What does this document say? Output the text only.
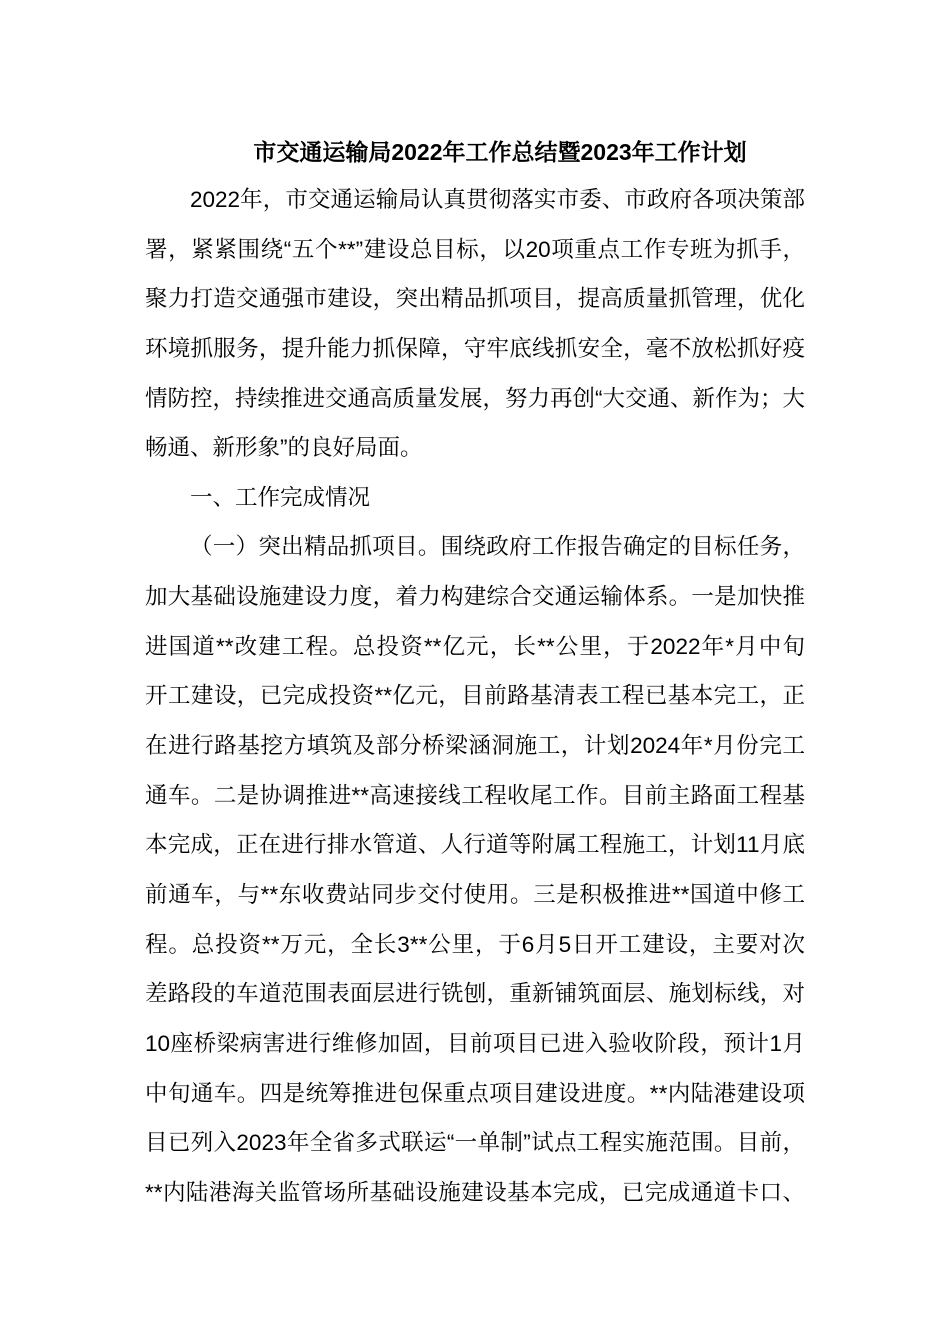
市交通运输局2022年工作总结暨2023年工作计划
2022年，市交通运输局认真贯彻落实市委、市政府各项决策部
署，紧紧围绕“五个**”建设总目标，以20项重点工作专班为抓手，
聚力打造交通强市建设，突出精品抓项目，提高质量抓管理，优化
环境抓服务，提升能力抓保障，守牢底线抓安全，毫不放松抓好疫
情防控，持续推进交通高质量发展，努力再创“大交通、新作为；大
畅通、新形象”的良好局面。
一、工作完成情况
（一）突出精品抓项目。围绕政府工作报告确定的目标任务，
加大基础设施建设力度，着力构建综合交通运输体系。一是加快推
进国道**改建工程。总投资**亿元，长**公里，于2022年*月中旬
开工建设，已完成投资**亿元，目前路基清表工程已基本完工，正
在进行路基挖方填筑及部分桥梁涵洞施工，计划2024年*月份完工
通车。二是协调推进**高速接线工程收尾工作。目前主路面工程基
本完成，正在进行排水管道、人行道等附属工程施工，计划11月底
前通车，与**东收费站同步交付使用。三是积极推进**国道中修工
程。总投资**万元，全长3**公里，于6月5日开工建设，主要对次
差路段的车道范围表面层进行铣刨，重新铺筑面层、施划标线，对
10座桥梁病害进行维修加固，目前项目已进入验收阶段，预计1月
中旬通车。四是统筹推进包保重点项目建设进度。**内陆港建设项
目已列入2023年全省多式联运“一单制”试点工程实施范围。目前，
**内陆港海关监管场所基础设施建设基本完成，已完成通道卡口、
